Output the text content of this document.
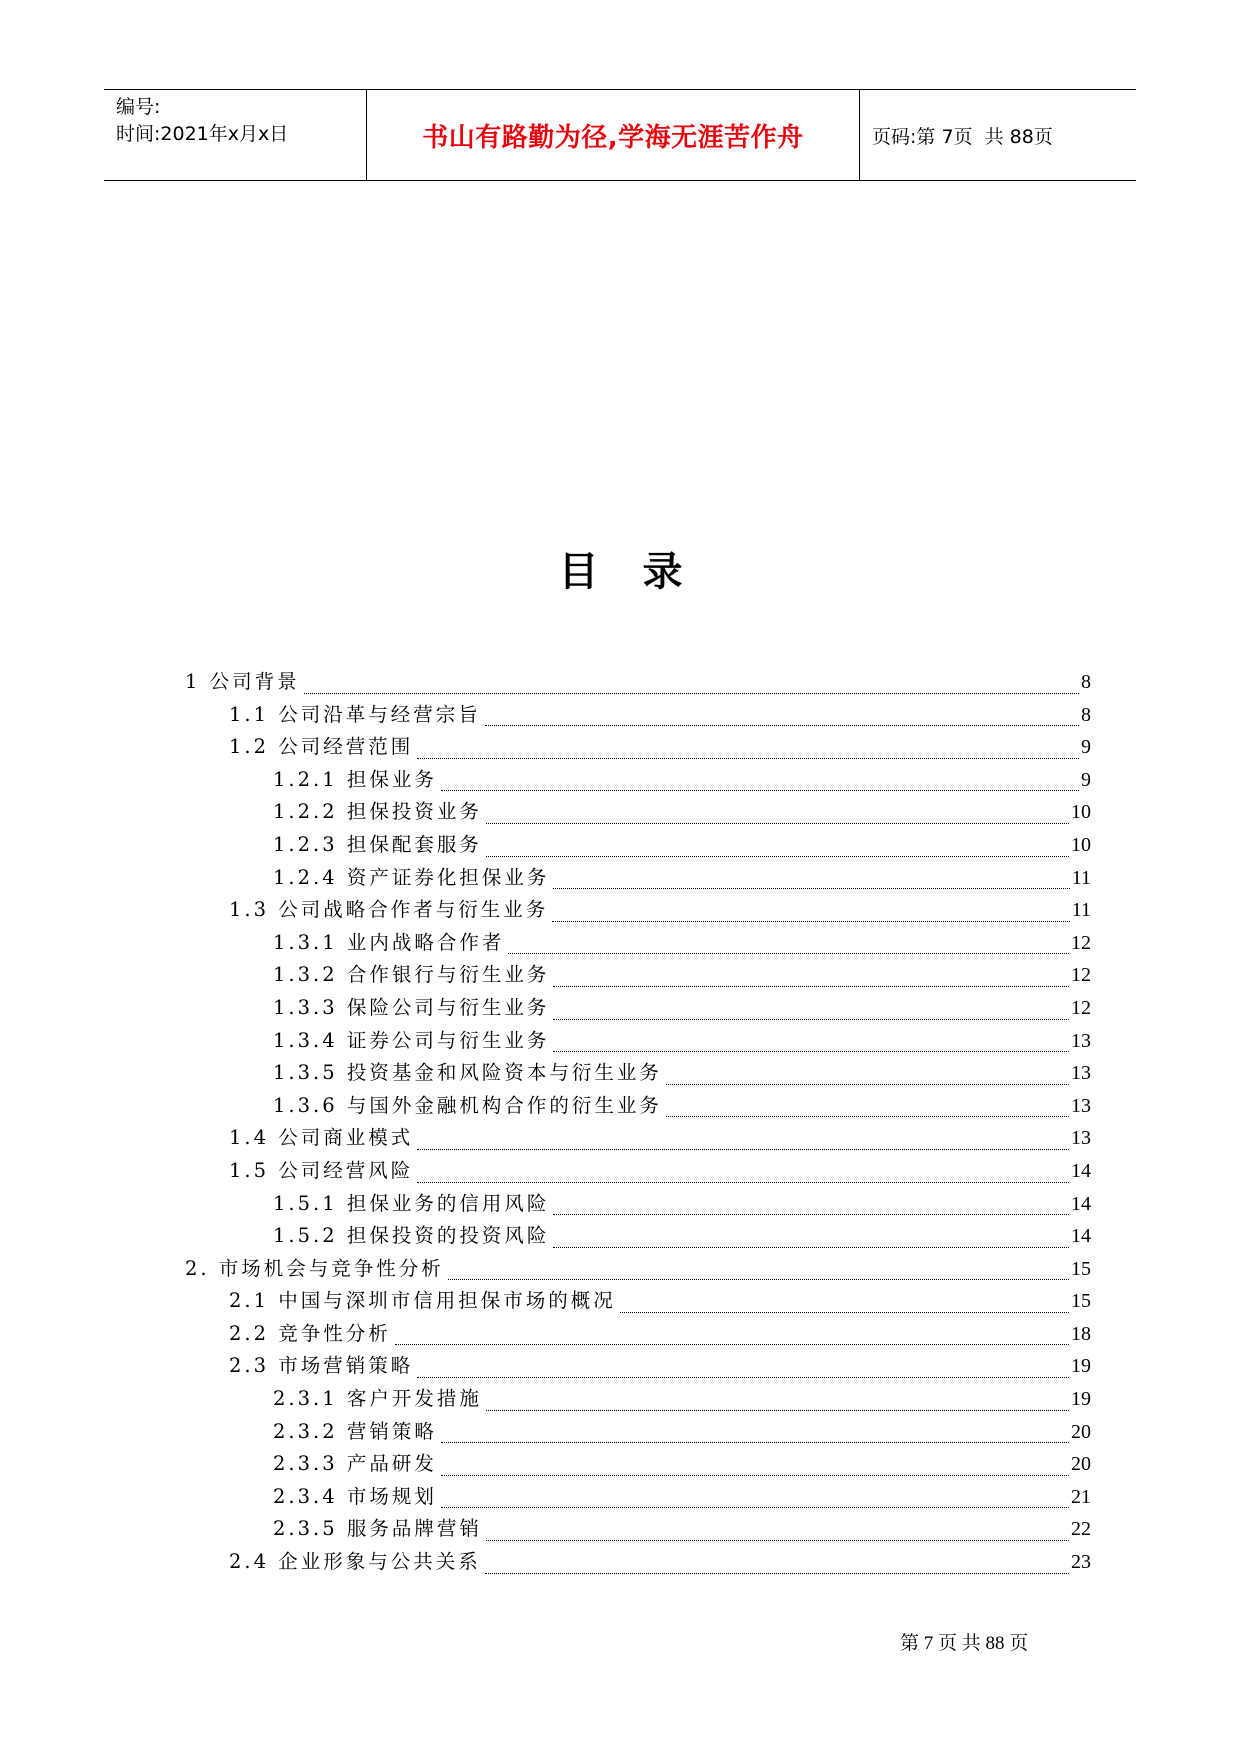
编号:
时间:2021年x月x日	书山有路勤为径,学海无涯苦作舟	页码:第 7页  共 88页
目录
1 公司背景	8
1.1 公司沿革与经营宗旨	8
1.2 公司经营范围	9
1.2.1 担保业务	9
1.2.2 担保投资业务	10
1.2.3 担保配套服务	10
1.2.4 资产证券化担保业务	11
1.3 公司战略合作者与衍生业务	11
1.3.1 业内战略合作者	12
1.3.2 合作银行与衍生业务	12
1.3.3 保险公司与衍生业务	12
1.3.4 证券公司与衍生业务	13
1.3.5 投资基金和风险资本与衍生业务	13
1.3.6 与国外金融机构合作的衍生业务	13
1.4 公司商业模式	13
1.5 公司经营风险	14
1.5.1 担保业务的信用风险	14
1.5.2 担保投资的投资风险	14
2. 市场机会与竞争性分析	15
2.1 中国与深圳市信用担保市场的概况	15
2.2 竞争性分析	18
2.3 市场营销策略	19
2.3.1 客户开发措施	19
2.3.2 营销策略	20
2.3.3 产品研发	20
2.3.4 市场规划	21
2.3.5 服务品牌营销	22
2.4 企业形象与公共关系	23
第 7 页 共 88 页
